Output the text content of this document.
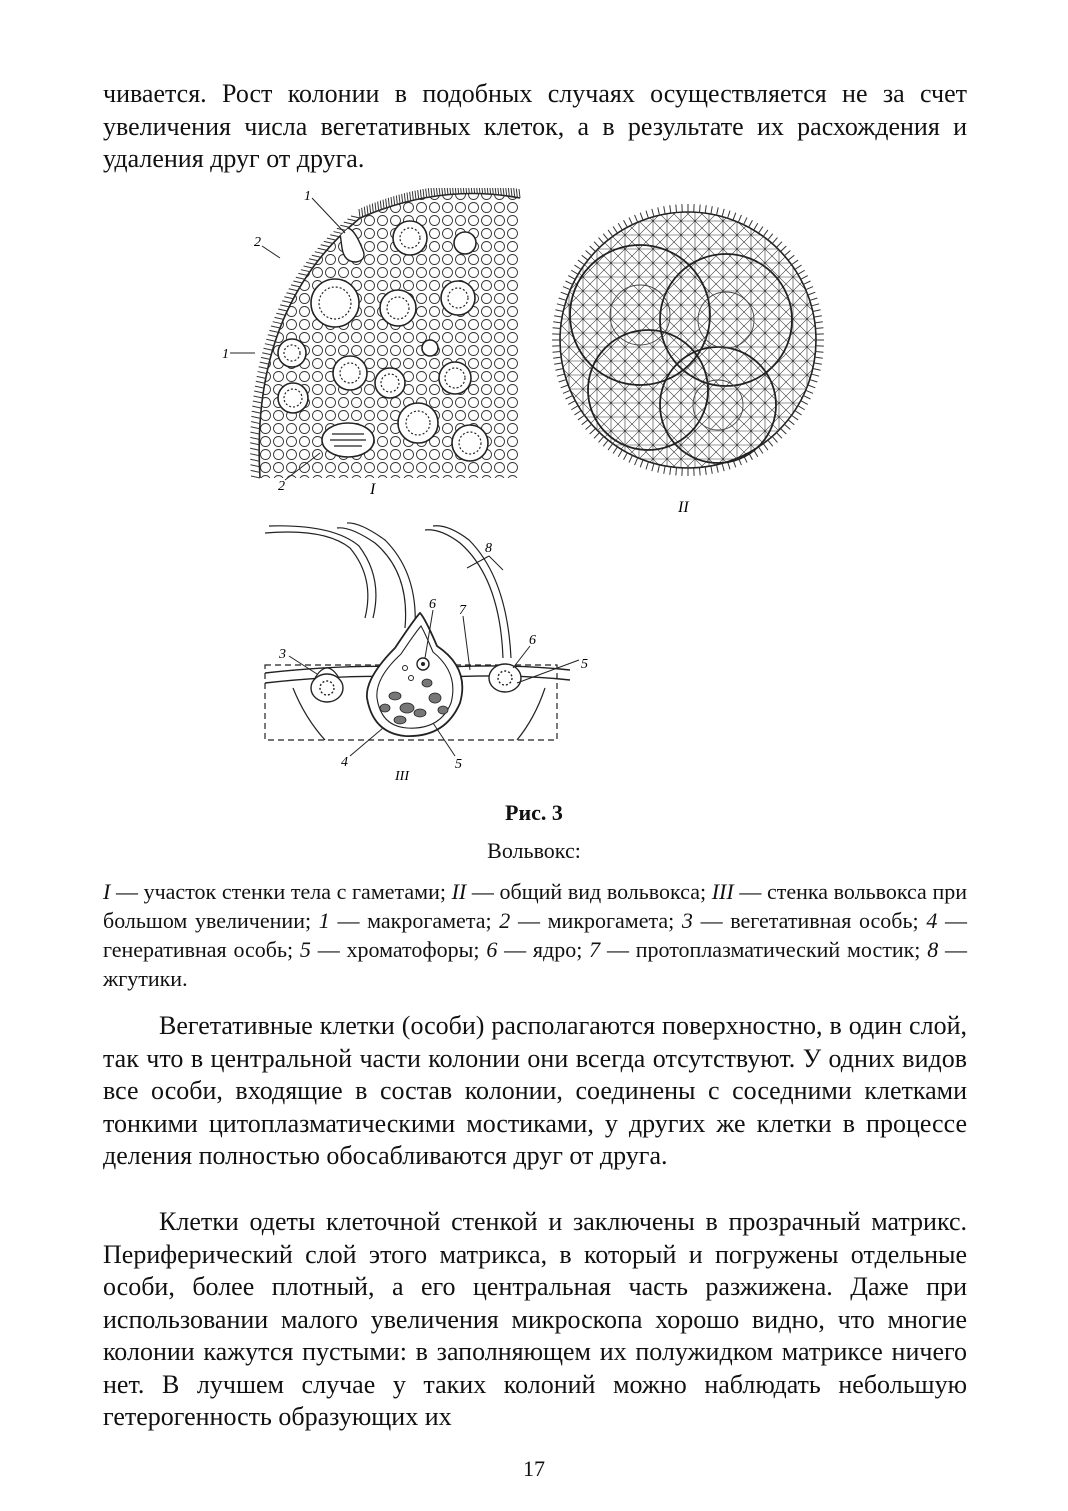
чивается. Рост колонии в подобных случаях осуществляется не за счет увеличения числа вегетативных клеток, а в результате их расхождения и удаления друг от друга.

1
2
1
2	I
II
3
6 7
6
5
8
4	5
III

Рис. 3

Вольвокс:

I — участок стенки тела с гаметами; II — общий вид вольвокса; III — стенка вольвокса при большом увеличении; 1 — макрогамета; 2 — микрогамета; 3 — вегетативная особь; 4 — генеративная особь; 5 — хроматофоры; 6 — ядро; 7 — протоплазматический мостик; 8 — жгутики.

Вегетативные клетки (особи) располагаются поверхностно, в один слой, так что в центральной части колонии они всегда отсутствуют. У одних видов все особи, входящие в состав колонии, соединены с соседними клетками тонкими цитоплазматическими мостиками, у других же клетки в процессе деления полностью обосабливаются друг от друга.

Клетки одеты клеточной стенкой и заключены в прозрачный матрикс. Периферический слой этого матрикса, в который и погружены отдельные особи, более плотный, а его центральная часть разжижена. Даже при использовании малого увеличения микроскопа хорошо видно, что многие колонии кажутся пустыми: в заполняющем их полужидком матриксе ничего нет. В лучшем случае у таких колоний можно наблюдать небольшую гетерогенность образующих их

17
